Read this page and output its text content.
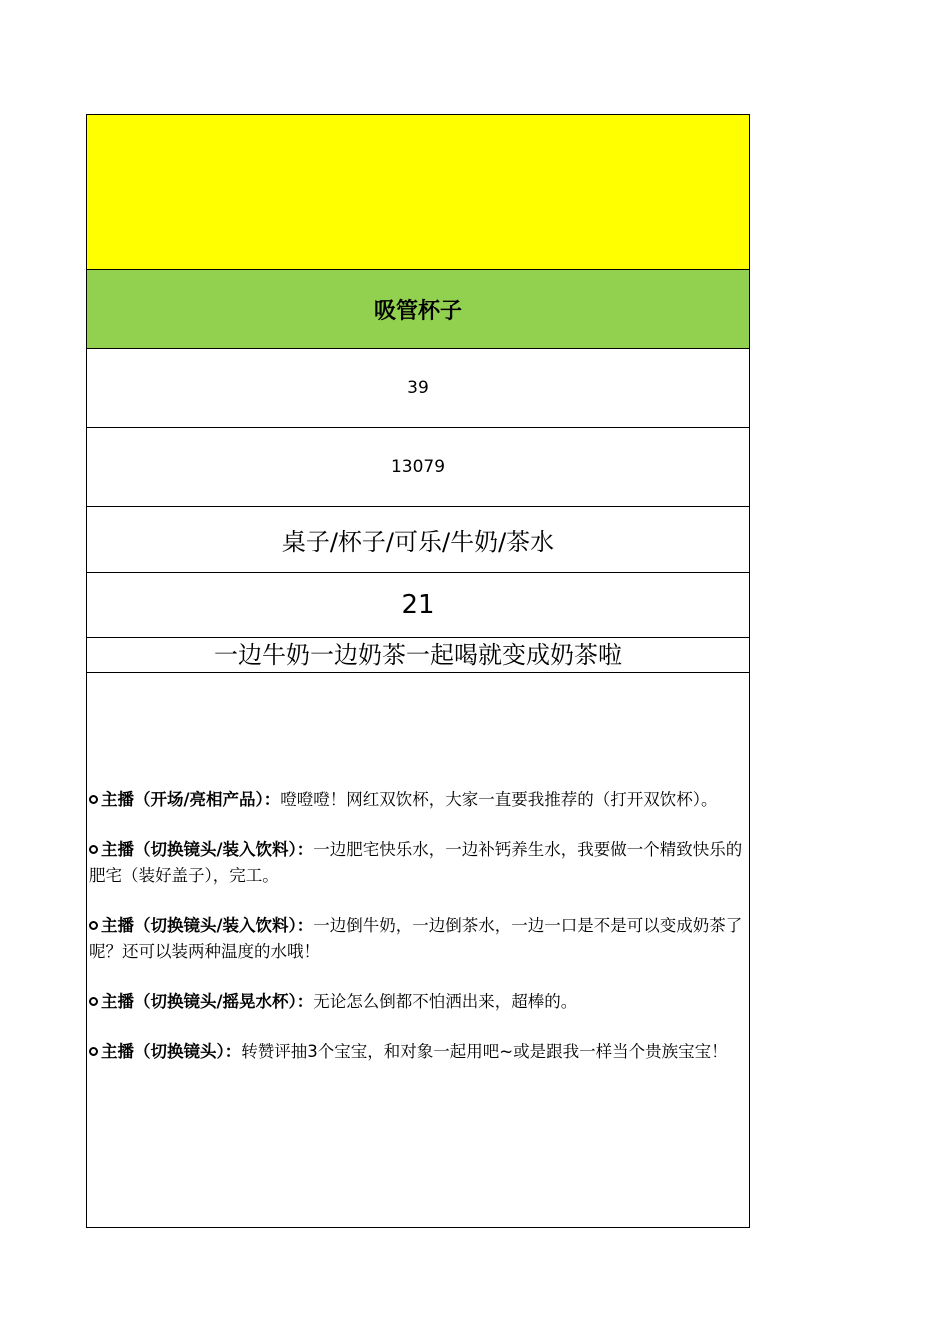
吸管杯子
39
13079
桌子/杯子/可乐/牛奶/茶水
21
一边牛奶一边奶茶一起喝就变成奶茶啦

主播（开场/亮相产品）：噔噔噔！网红双饮杯，大家一直要我推荐的（打开双饮杯）。

主播（切换镜头/装入饮料）：一边肥宅快乐水，一边补钙养生水，我要做一个精致快乐的肥宅（装好盖子），完工。

主播（切换镜头/装入饮料）：一边倒牛奶，一边倒茶水，一边一口是不是可以变成奶茶了呢？还可以装两种温度的水哦！

主播（切换镜头/摇晃水杯）：无论怎么倒都不怕洒出来，超棒的。

主播（切换镜头）：转赞评抽3个宝宝，和对象一起用吧~或是跟我一样当个贵族宝宝！
